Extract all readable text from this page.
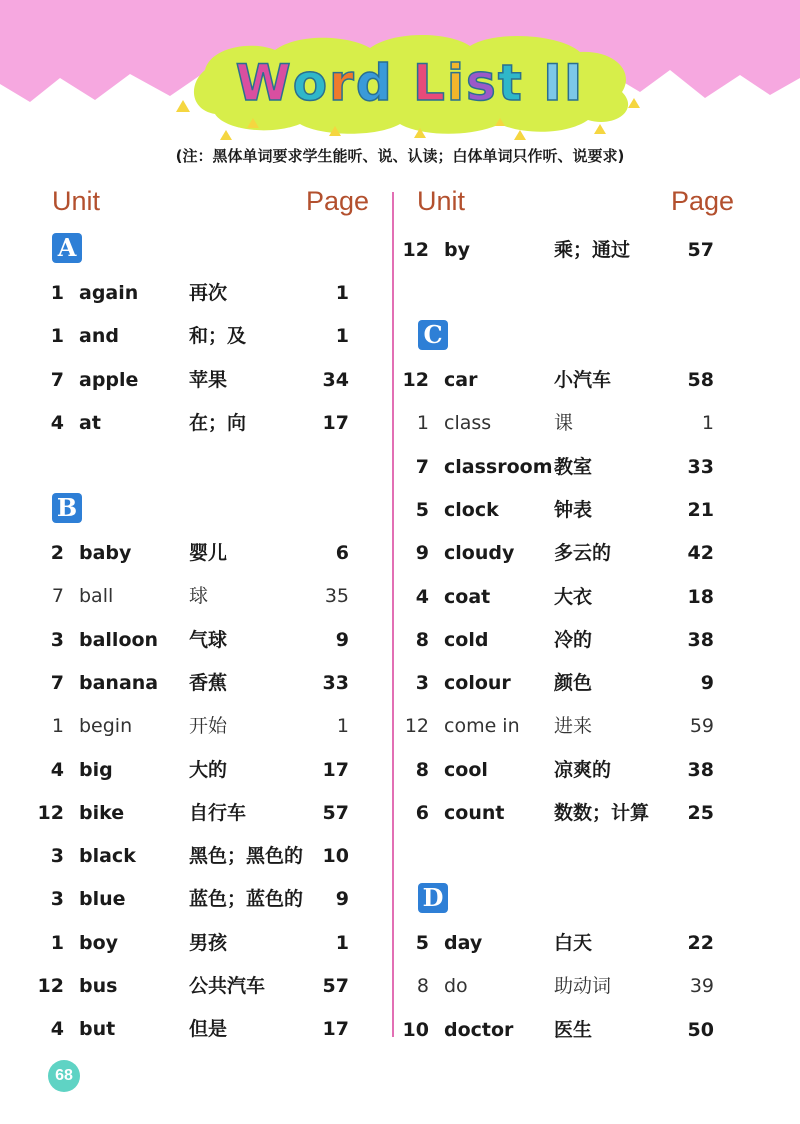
Word List II
(注：黑体单词要求学生能听、说、认读；白体单词只作听、说要求)
Unit	Page Unit	Page
A
1 again	再次	1
1 and	和；及	1
7 apple	苹果	34
4 at	在；向	17
B
2 baby	婴儿	6
7 ball	球	35
3 balloon 气球	9
7 banana 香蕉	33
1 begin	开始	1
4 big	大的	17
12 bike	自行车	57
3 black	黑色；黑色的	10
3 blue	蓝色；蓝色的	9
1 boy	男孩	1
12 bus	公共汽车	57
4 but	但是	17
12 by	乘；通过	57
C
12 car	小汽车	58
1 class	课	1
7 classroom 教室	33
5 clock	钟表	21
9 cloudy 多云的	42
4 coat	大衣	18
8 cold	冷的	38
3 colour 颜色	9
12 come in 进来	59
8 cool	凉爽的	38
6 count	数数；计算	25
D
5 day	白天	22
8 do	助动词	39
10 doctor 医生	50
68
